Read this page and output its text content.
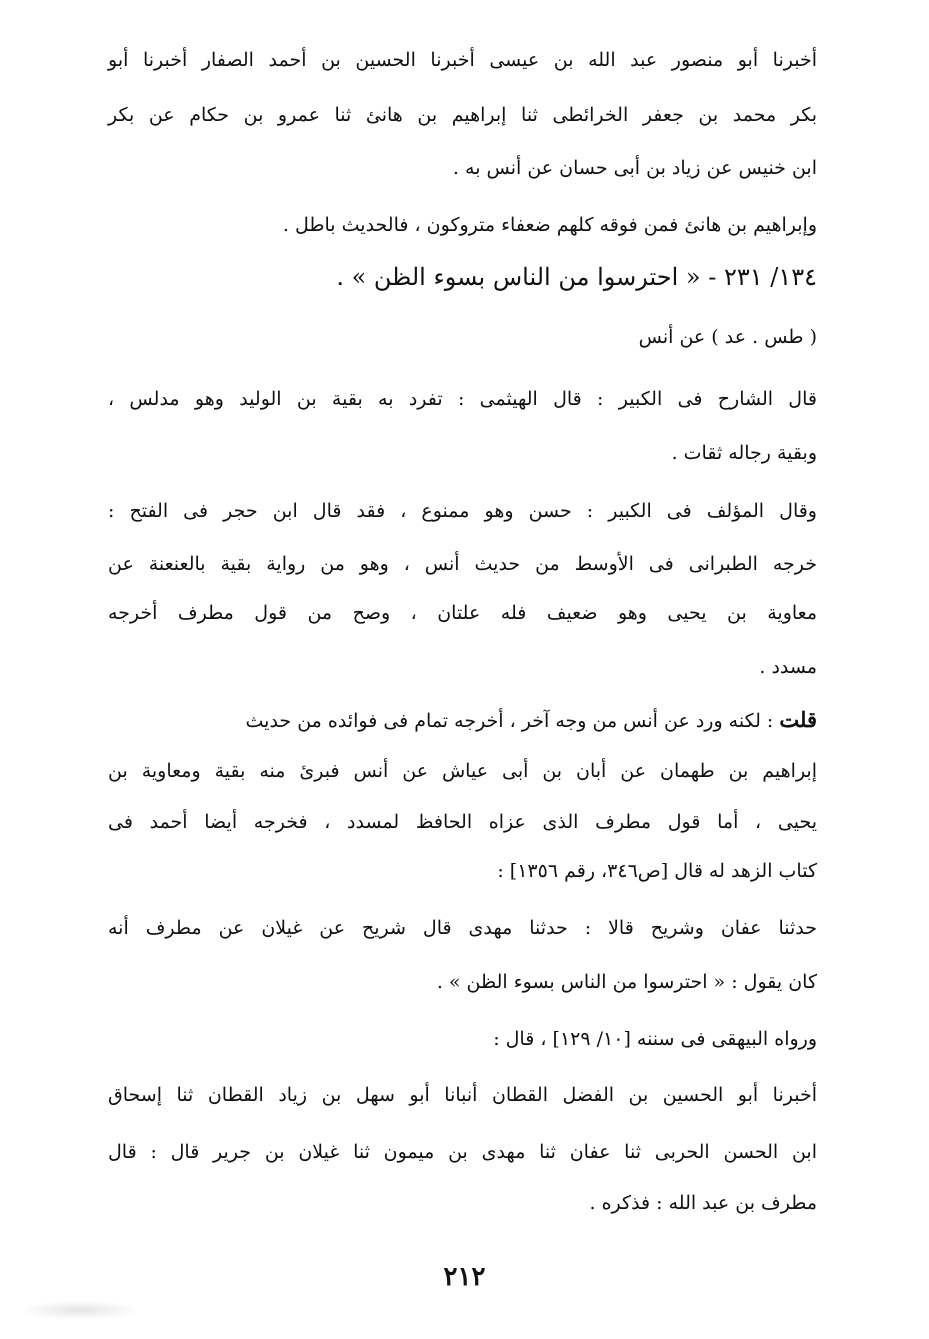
أخبرنا أبو منصور عبد الله بن عيسى أخبرنا الحسين بن أحمد الصفار أخبرنا أبو
بكر محمد بن جعفر الخرائطى ثنا إبراهيم بن هانئ ثنا عمرو بن حكام عن بكر
ابن خنيس عن زياد بن أبى حسان عن أنس به .
وإبراهيم بن هانئ فمن فوقه كلهم ضعفاء متروكون ، فالحديث باطل .
١٣٤/ ٢٣١ - « احترسوا من الناس بسوء الظن » .
( طس . عد ) عن أنس
قال الشارح فى الكبير : قال الهيثمى : تفرد به بقية بن الوليد وهو مدلس ،
وبقية رجاله ثقات .
وقال المؤلف فى الكبير : حسن وهو ممنوع ، فقد قال ابن حجر فى الفتح :
خرجه الطبرانى فى الأوسط من حديث أنس ، وهو من رواية بقية بالعنعنة عن
معاوية بن يحيى وهو ضعيف فله علتان ، وصح من قول مطرف أخرجه
مسدد .
قلت : لكنه ورد عن أنس من وجه آخر ، أخرجه تمام فى فوائده من حديث
إبراهيم بن طهمان عن أبان بن أبى عياش عن أنس فبرئ منه بقية ومعاوية بن
يحيى ، أما قول مطرف الذى عزاه الحافظ لمسدد ، فخرجه أيضا أحمد فى
كتاب الزهد له قال [ص٣٤٦، رقم ١٣٥٦] :
حدثنا عفان وشريح قالا : حدثنا مهدى قال شريح عن غيلان عن مطرف أنه
كان يقول : « احترسوا من الناس بسوء الظن » .
ورواه البيهقى فى سننه [١٠/ ١٢٩] ، قال :
أخبرنا أبو الحسين بن الفضل القطان أنبانا أبو سهل بن زياد القطان ثنا إسحاق
ابن الحسن الحربى ثنا عفان ثنا مهدى بن ميمون ثنا غيلان بن جرير قال : قال
مطرف بن عبد الله : فذكره .
٢١٢
